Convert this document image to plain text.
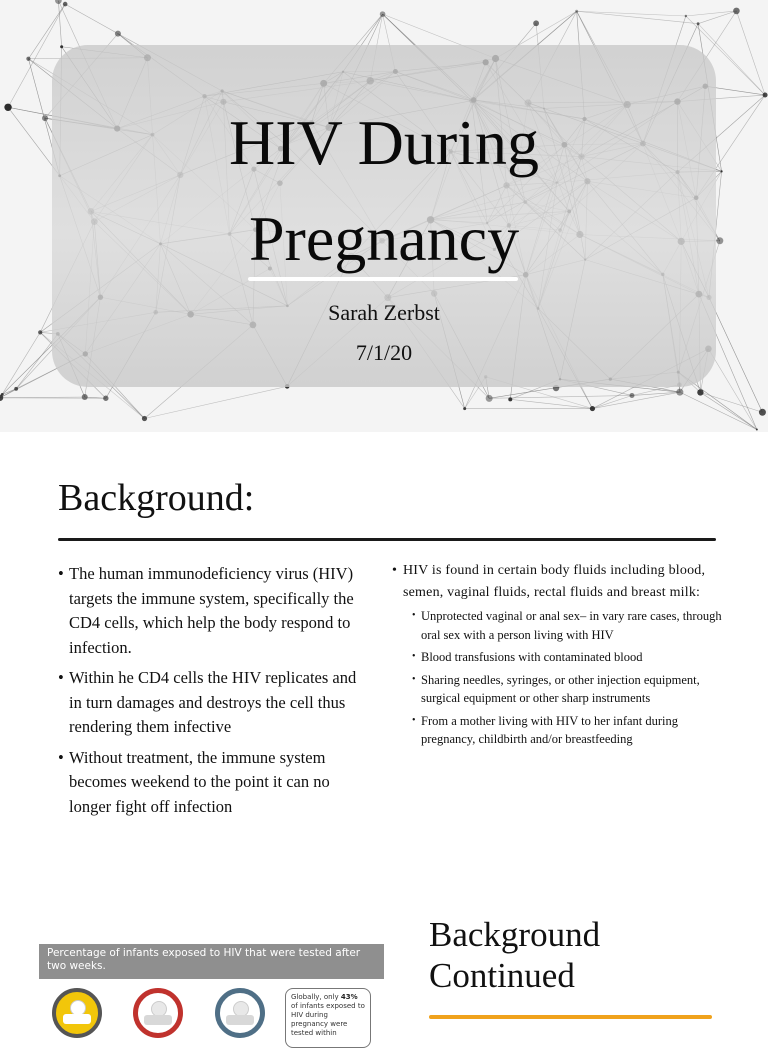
HIV During
Pregnancy
Sarah Zerbst
7/1/20
Background:
• The human immunodeficiency virus (HIV) targets the immune system, specifically the CD4 cells, which help the body respond to infection.
• Within he CD4 cells the HIV replicates and in turn damages and destroys the cell thus rendering them infective
• Without treatment, the immune system becomes weekend to the point it can no longer fight off infection
• HIV is found in certain body fluids including blood, semen, vaginal fluids, rectal fluids and breast milk:
• Unprotected vaginal or anal sex– in vary rare cases, through oral sex with a person living with HIV
• Blood transfusions with contaminated blood
• Sharing needles, syringes, or other injection equipment, surgical equipment or other sharp instruments
• From a mother living with HIV to her infant during pregnancy, childbirth and/or breastfeeding
Percentage of infants exposed to HIV that were tested after two weeks.
Globally, only 43% of infants exposed to HIV during pregnancy were tested within
Background
Continued
